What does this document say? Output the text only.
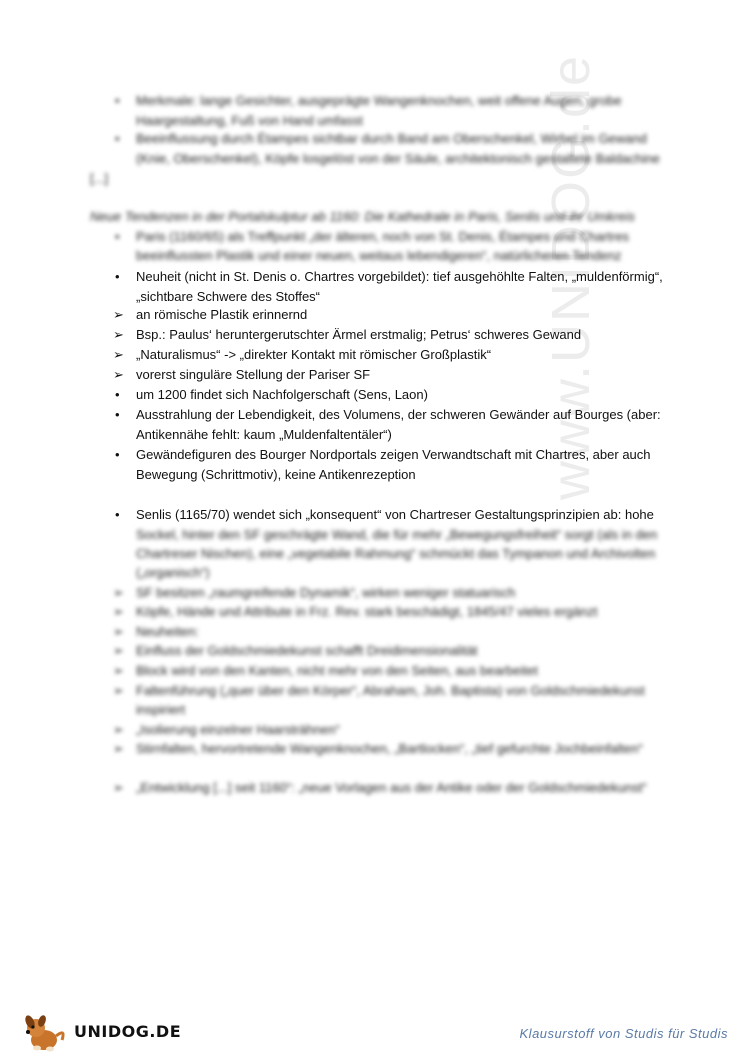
www.UNIDOG.de
• Merkmale: lange Gesichter, ausgeprägte Wangenknochen, weit offene Augen, grobe
Haargestaltung, Fuß von Hand umfasst
• Beeinflussung durch Étampes sichtbar durch Band am Oberschenkel, Wirbel im Gewand
(Knie, Oberschenkel), Köpfe losgelöst von der Säule, architektonisch gestaltete Baldachine
[...]
Neue Tendenzen in der Portalskulptur ab 1160: Die Kathedrale in Paris, Senlis und ihr Umkreis
• Paris (1160/65) als Treffpunkt „der älteren, noch von St. Denis, Étampes und Chartres
beeinflussten Plastik und einer neuen, weitaus lebendigeren“, natürlicheren Tendenz
• Neuheit (nicht in St. Denis o. Chartres vorgebildet): tief ausgehöhlte Falten, „muldenförmig“,
„sichtbare Schwere des Stoffes“
➢ an römische Plastik erinnernd
➢ Bsp.: Paulus‘ heruntergerutschter Ärmel erstmalig; Petrus‘ schweres Gewand
➢ „Naturalismus“ -> „direkter Kontakt mit römischer Großplastik“
➢ vorerst singuläre Stellung der Pariser SF
• um 1200 findet sich Nachfolgerschaft (Sens, Laon)
• Ausstrahlung der Lebendigkeit, des Volumens, der schweren Gewänder auf Bourges (aber:
Antikennähe fehlt: kaum „Muldenfaltentäler“)
• Gewändefiguren des Bourger Nordportals zeigen Verwandtschaft mit Chartres, aber auch
Bewegung (Schrittmotiv), keine Antikenrezeption
• Senlis (1165/70) wendet sich „konsequent“ von Chartreser Gestaltungsprinzipien ab: hohe
Sockel, hinter den SF geschrägte Wand, die für mehr „Bewegungsfreiheit“ sorgt (als in den
Chartreser Nischen), eine „vegetabile Rahmung“ schmückt das Tympanon und Archivolten
(„organisch“)
➢ SF besitzen „raumgreifende Dynamik“, wirken weniger statuarisch
➢ Köpfe, Hände und Attribute in Frz. Rev. stark beschädigt, 1845/47 vieles ergänzt
➢ Neuheiten:
➢ Einfluss der Goldschmiedekunst schafft Dreidimensionalität
➢ Block wird von den Kanten, nicht mehr von den Seiten, aus bearbeitet
➢ Faltenführung („quer über den Körper“, Abraham, Joh. Baptista) von Goldschmiedekunst
inspiriert
➢ „Isolierung einzelner Haarsträhnen“
➢ Stirnfalten, hervortretende Wangenknochen, „Bartlocken“, „tief gefurchte Jochbeinfalten“
➢ „Entwicklung [...] seit 1160“: „neue Vorlagen aus der Antike oder der Goldschmiedekunst“
UNIDOG.DE	Klausurstoff von Studis für Studis
